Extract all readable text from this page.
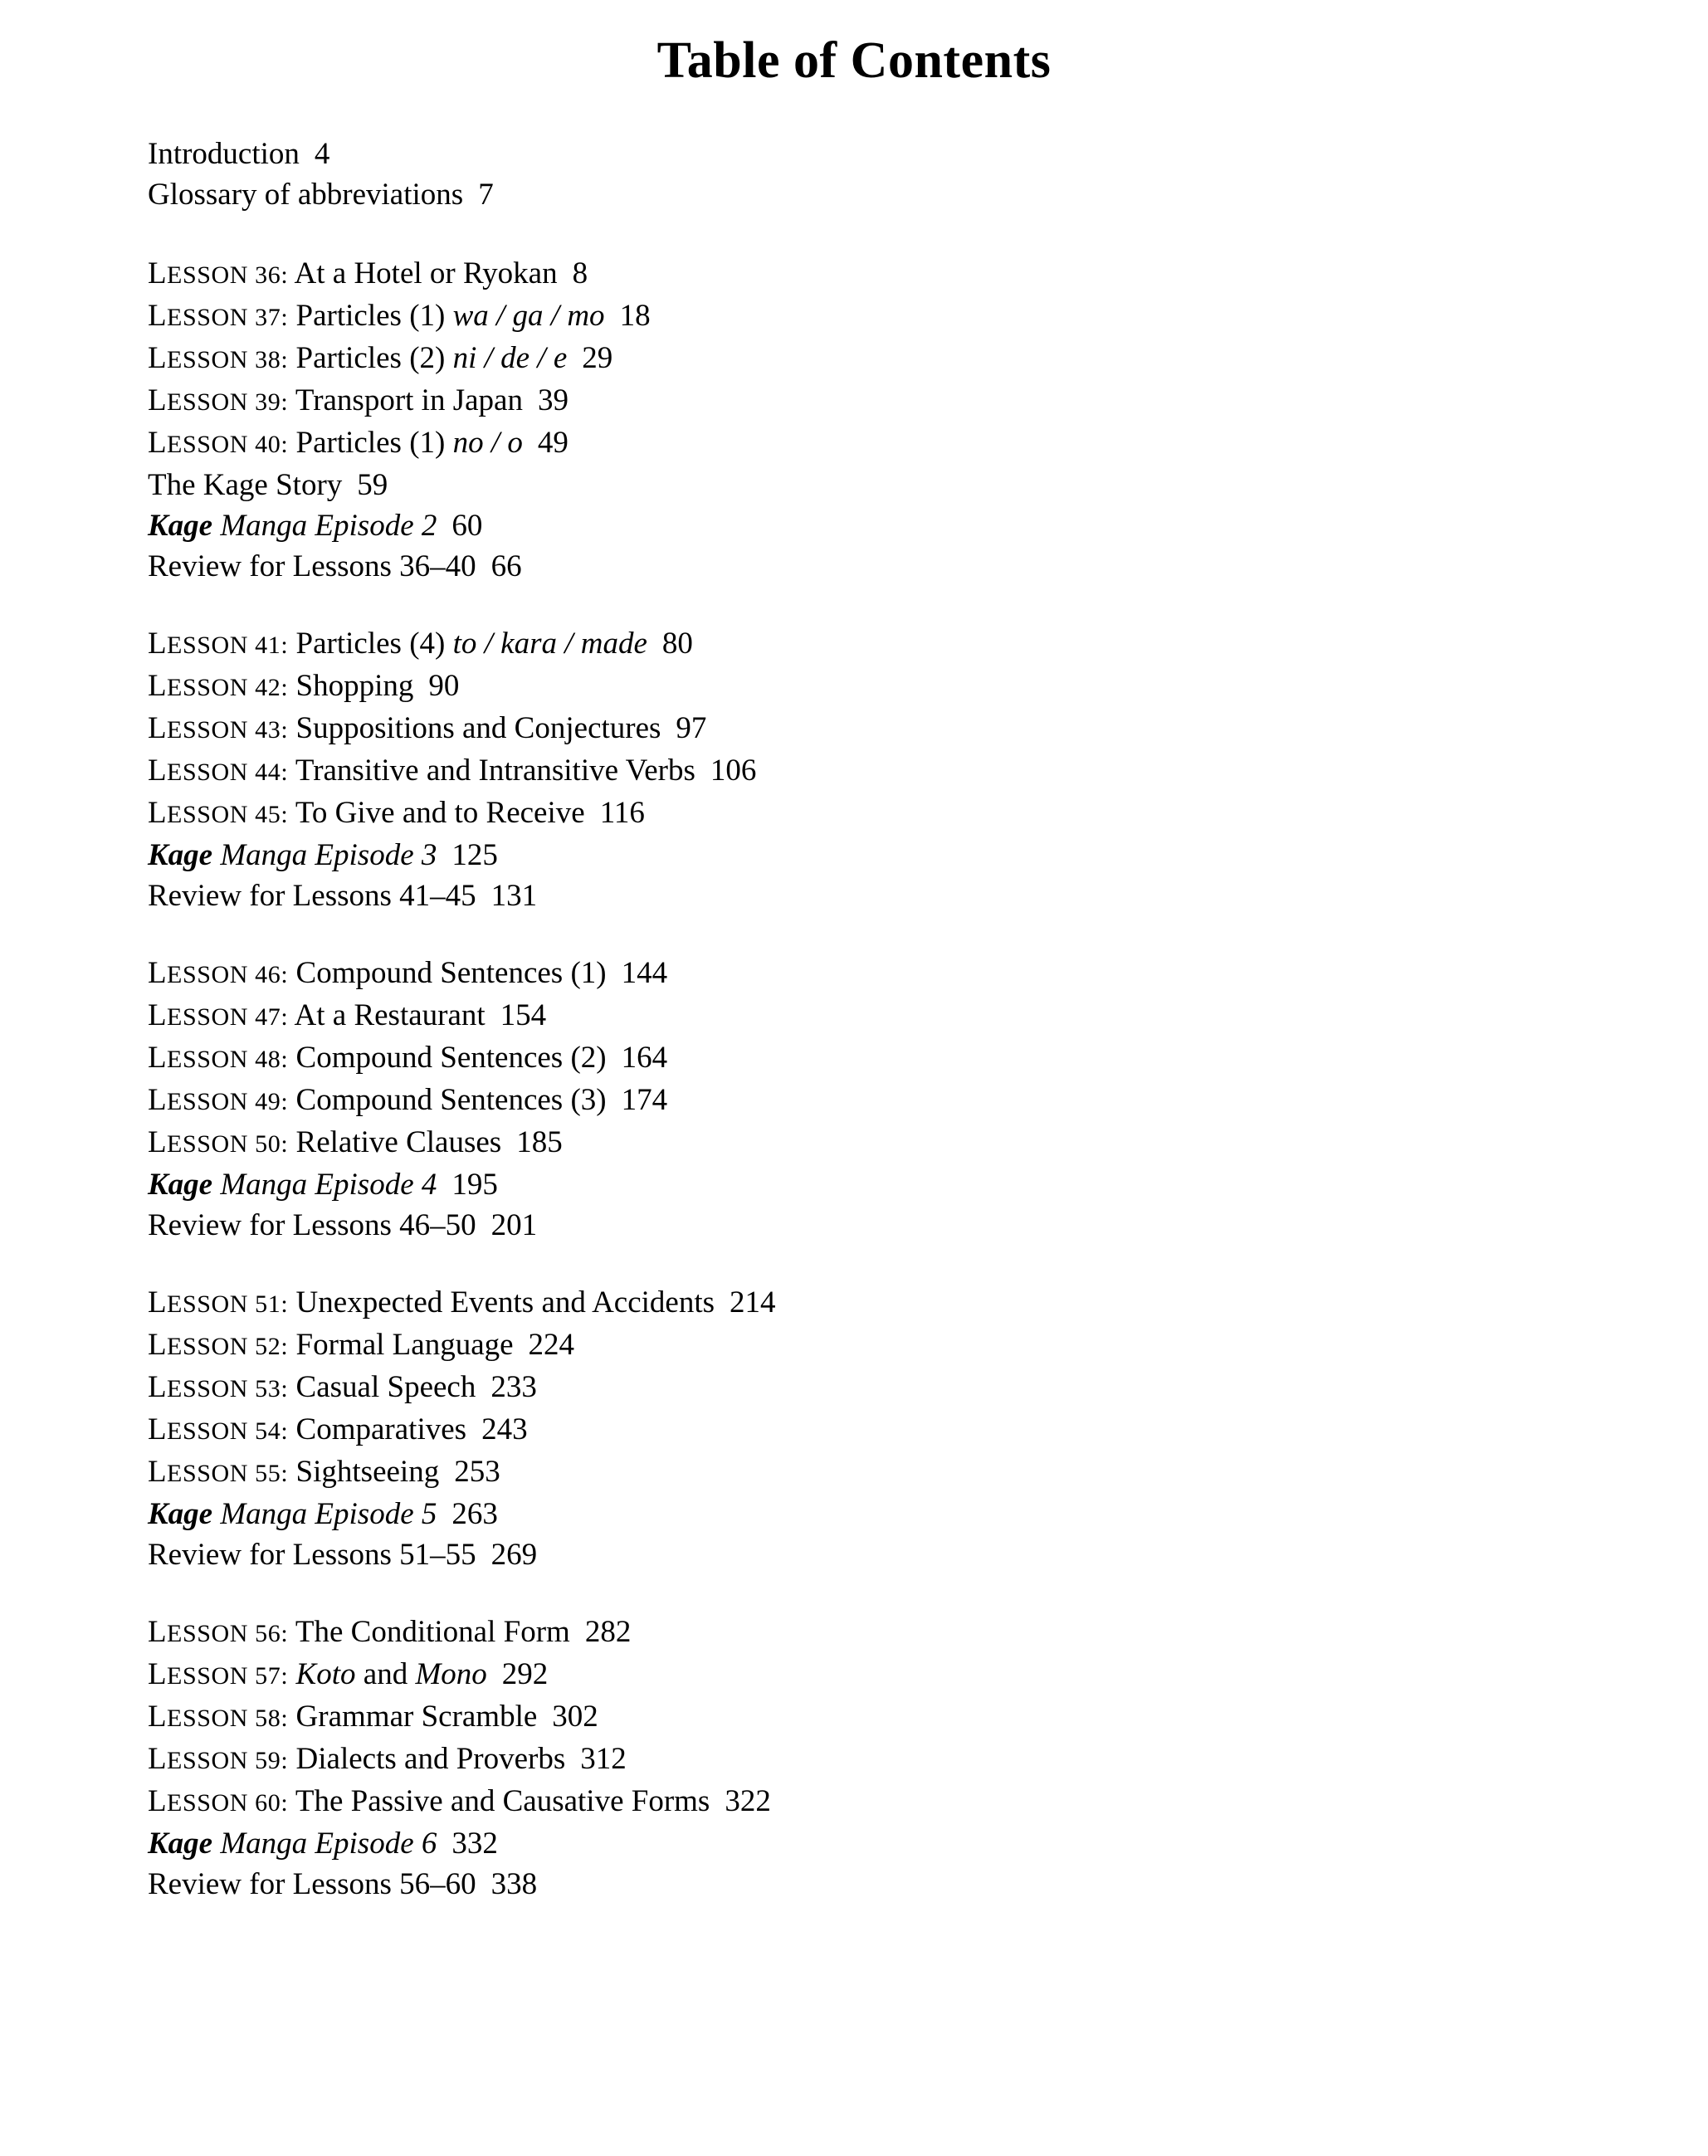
Table of Contents
Introduction 4
Glossary of abbreviations 7
LESSON 36: At a Hotel or Ryokan 8
LESSON 37: Particles (1) wa / ga / mo 18
LESSON 38: Particles (2) ni / de / e 29
LESSON 39: Transport in Japan 39
LESSON 40: Particles (1) no / o 49
The Kage Story 59
Kage Manga Episode 2 60
Review for Lessons 36–40 66
LESSON 41: Particles (4) to / kara / made 80
LESSON 42: Shopping 90
LESSON 43: Suppositions and Conjectures 97
LESSON 44: Transitive and Intransitive Verbs 106
LESSON 45: To Give and to Receive 116
Kage Manga Episode 3 125
Review for Lessons 41–45 131
LESSON 46: Compound Sentences (1) 144
LESSON 47: At a Restaurant 154
LESSON 48: Compound Sentences (2) 164
LESSON 49: Compound Sentences (3) 174
LESSON 50: Relative Clauses 185
Kage Manga Episode 4 195
Review for Lessons 46–50 201
LESSON 51: Unexpected Events and Accidents 214
LESSON 52: Formal Language 224
LESSON 53: Casual Speech 233
LESSON 54: Comparatives 243
LESSON 55: Sightseeing 253
Kage Manga Episode 5 263
Review for Lessons 51–55 269
LESSON 56: The Conditional Form 282
LESSON 57: Koto and Mono 292
LESSON 58: Grammar Scramble 302
LESSON 59: Dialects and Proverbs 312
LESSON 60: The Passive and Causative Forms 322
Kage Manga Episode 6 332
Review for Lessons 56–60 338
